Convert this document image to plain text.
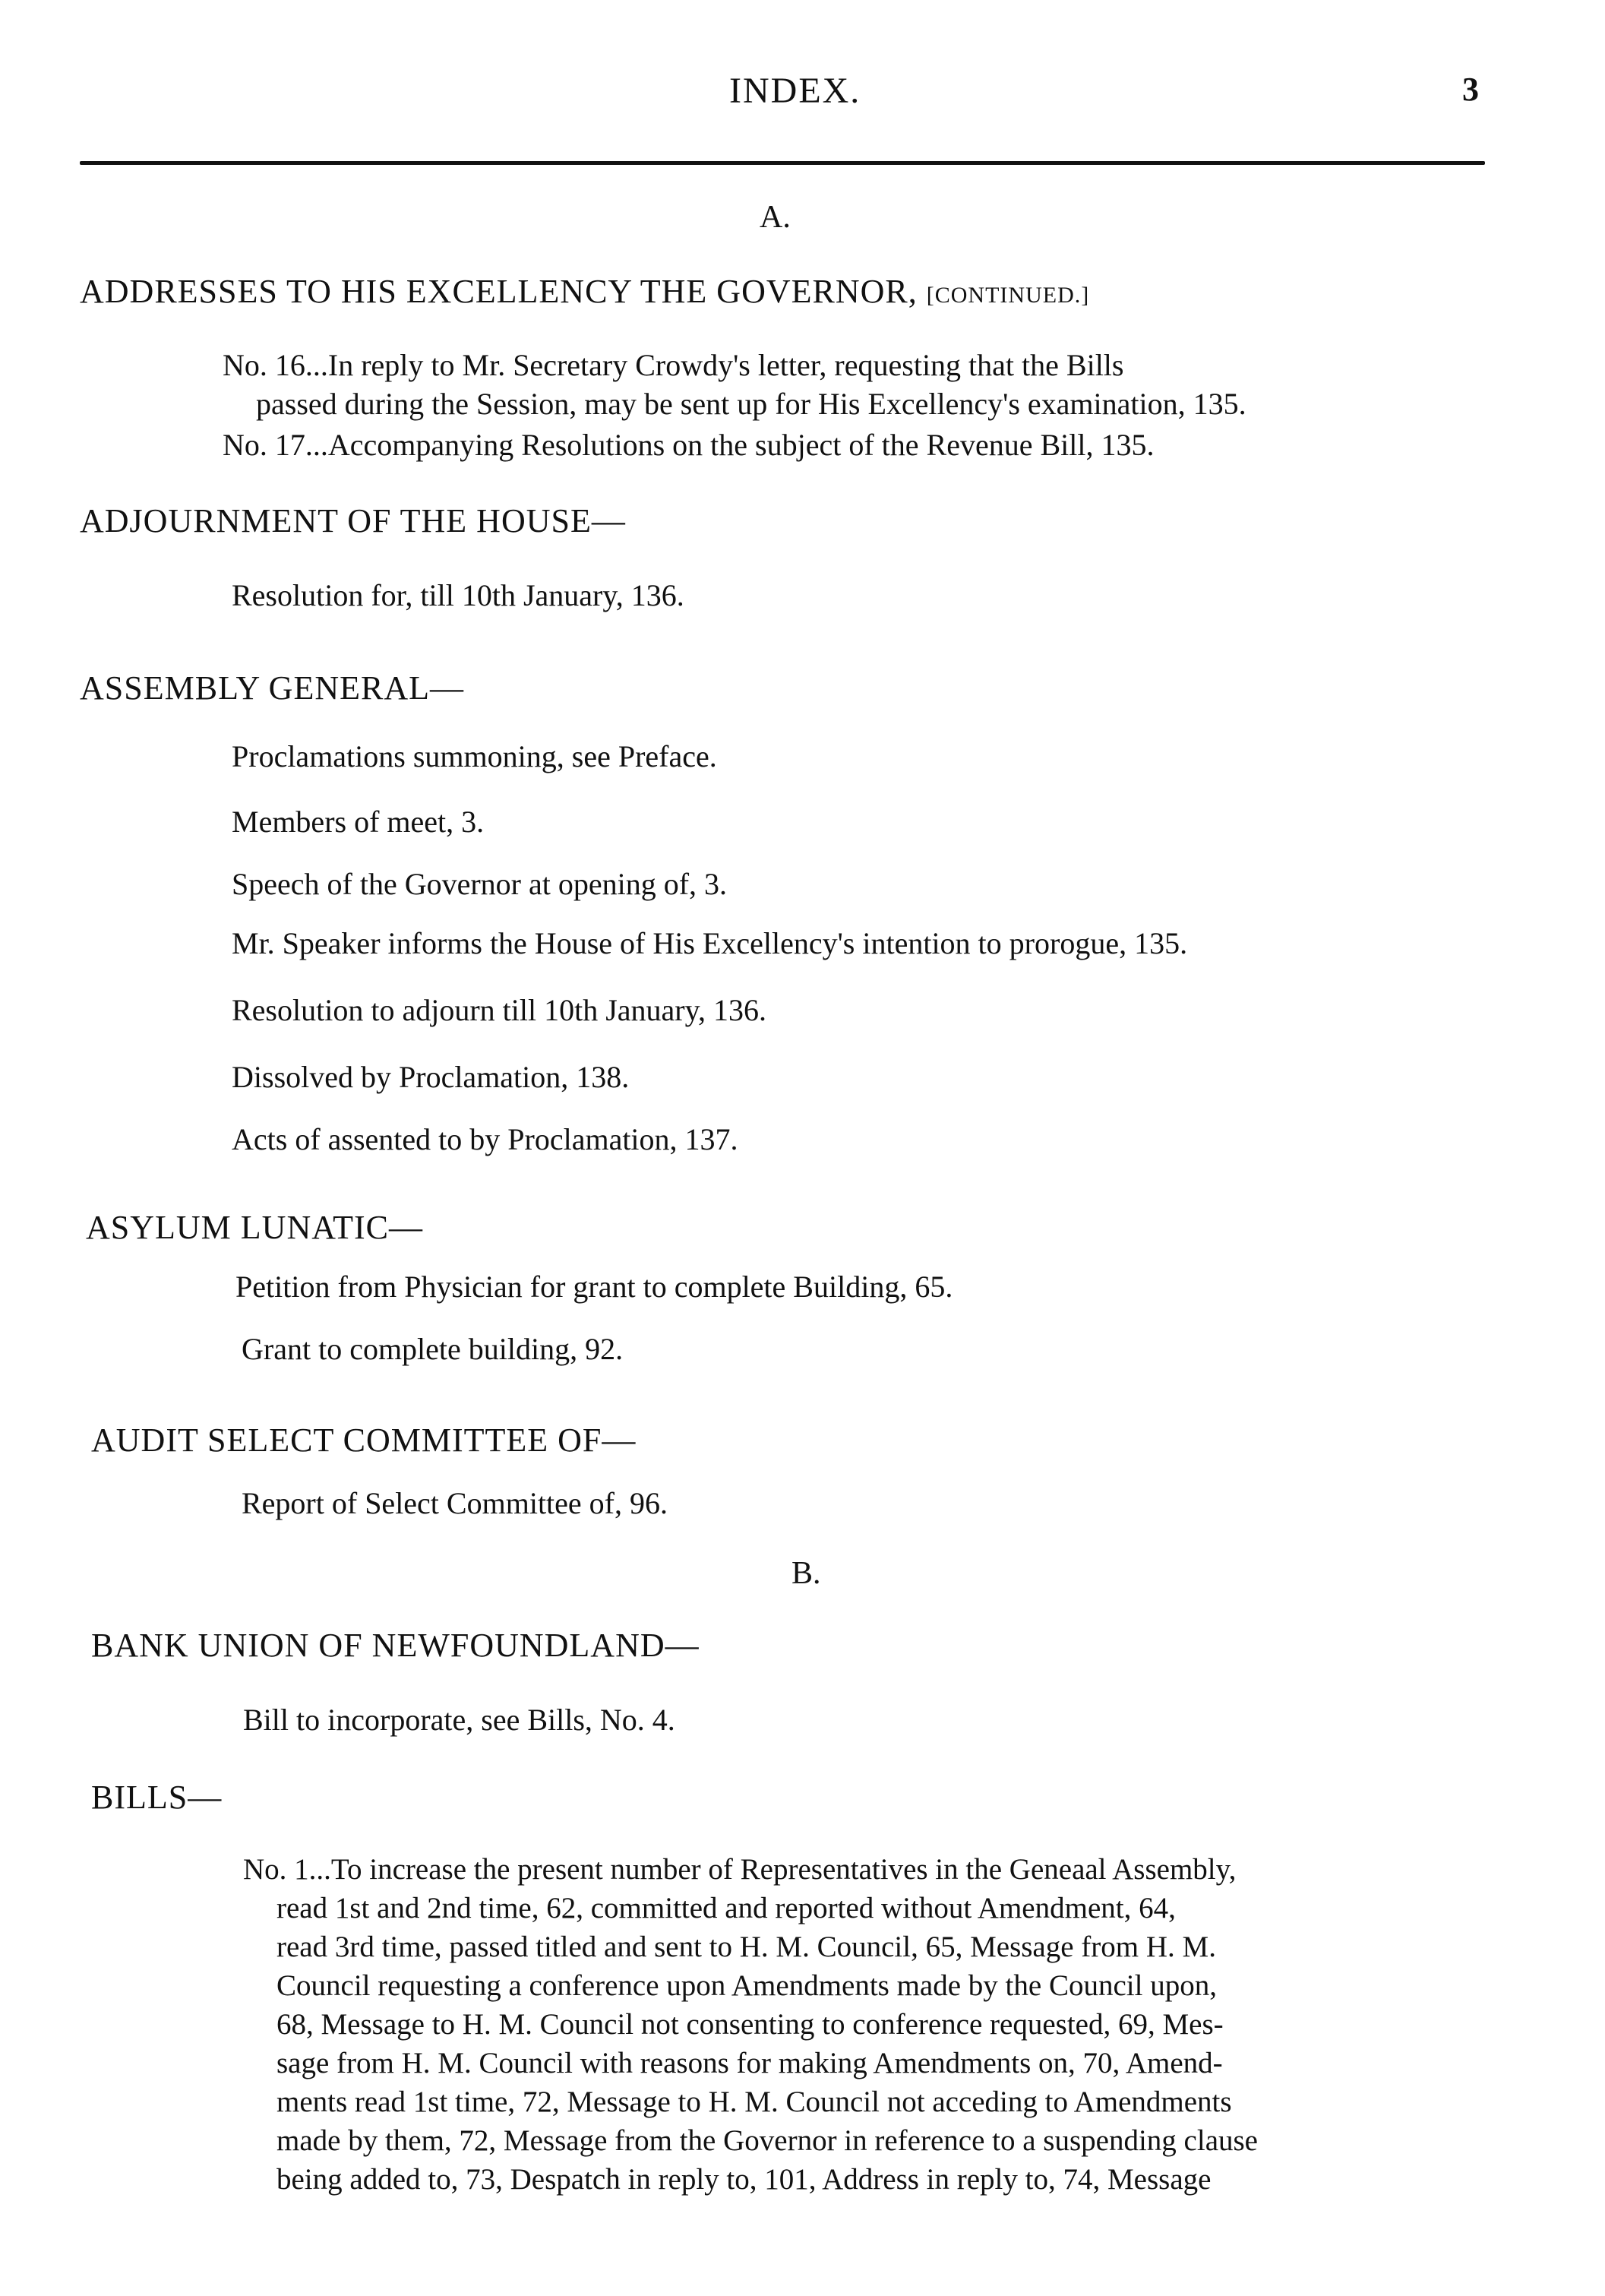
INDEX.	3
A.
ADDRESSES TO HIS EXCELLENCY THE GOVERNOR, [CONTINUED.]
No. 16...In reply to Mr. Secretary Crowdy's letter, requesting that the Bills
passed during the Session, may be sent up for His Excellency's examination, 135.
No. 17...Accompanying Resolutions on the subject of the Revenue Bill, 135.
ADJOURNMENT OF THE HOUSE—
Resolution for, till 10th January, 136.
ASSEMBLY GENERAL—
Proclamations summoning, see Preface.
Members of meet, 3.
Speech of the Governor at opening of, 3.
Mr. Speaker informs the House of His Excellency's intention to prorogue, 135.
Resolution to adjourn till 10th January, 136.
Dissolved by Proclamation, 138.
Acts of assented to by Proclamation, 137.
ASYLUM LUNATIC—
Petition from Physician for grant to complete Building, 65.
Grant to complete building, 92.
AUDIT SELECT COMMITTEE OF—
Report of Select Committee of, 96.
B.
BANK UNION OF NEWFOUNDLAND—
Bill to incorporate, see Bills, No. 4.
BILLS—
No. 1...To increase the present number of Representatives in the Geneaal Assembly,
read 1st and 2nd time, 62, committed and reported without Amendment, 64,
read 3rd time, passed titled and sent to H. M. Council, 65, Message from H. M.
Council requesting a conference upon Amendments made by the Council upon,
68, Message to H. M. Council not consenting to conference requested, 69, Mes-
sage from H. M. Council with reasons for making Amendments on, 70, Amend-
ments read 1st time, 72, Message to H. M. Council not acceding to Amendments
made by them, 72, Message from the Governor in reference to a suspending clause
being added to, 73, Despatch in reply to, 101, Address in reply to, 74, Message
